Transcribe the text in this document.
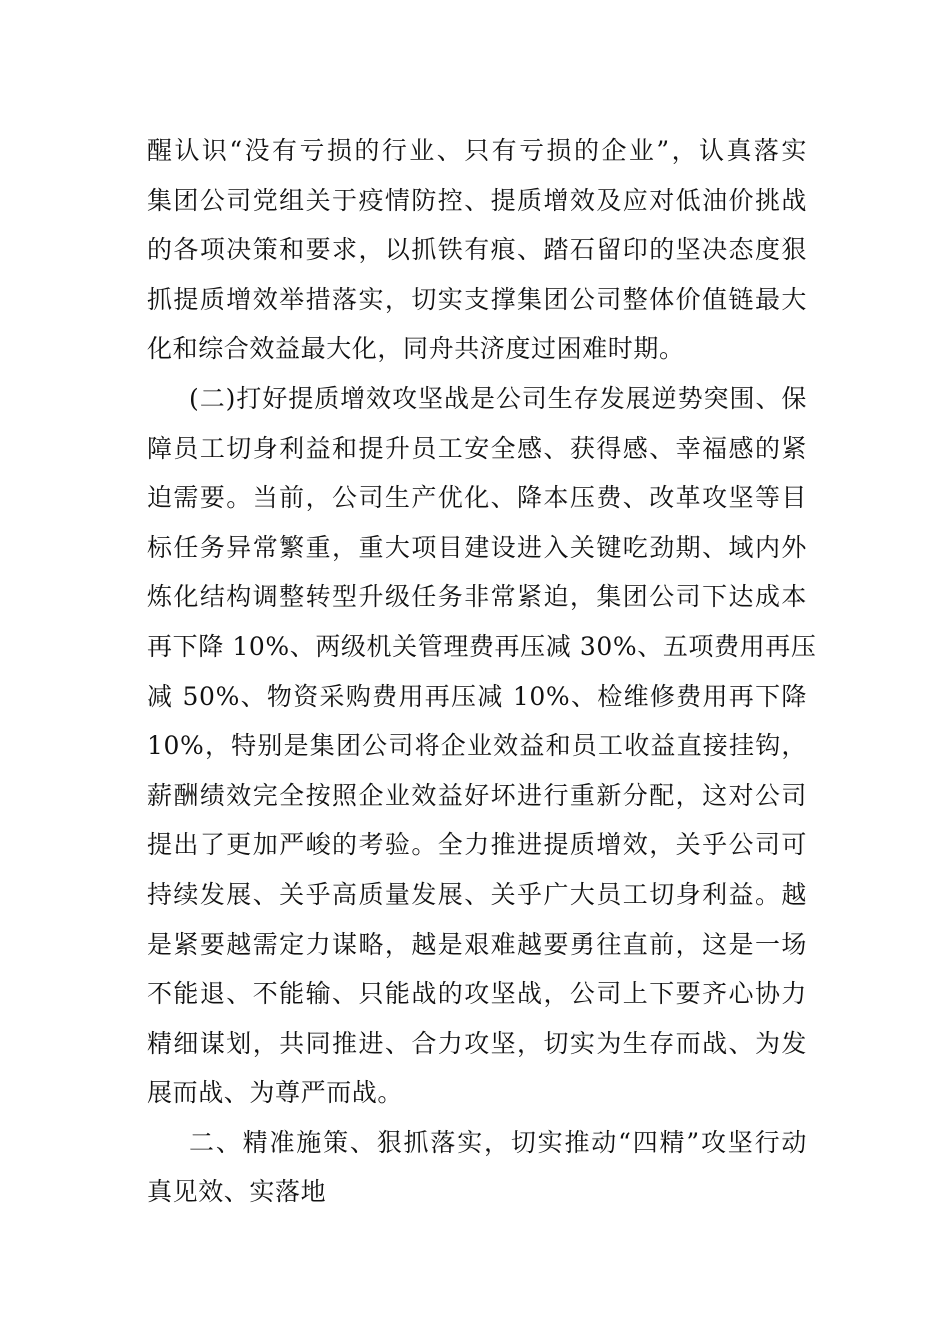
醒认识“没有亏损的行业、只有亏损的企业”，认真落实
集团公司党组关于疫情防控、提质增效及应对低油价挑战
的各项决策和要求，以抓铁有痕、踏石留印的坚决态度狠
抓提质增效举措落实，切实支撑集团公司整体价值链最大
化和综合效益最大化，同舟共济度过困难时期。
(二)打好提质增效攻坚战是公司生存发展逆势突围、保
障员工切身利益和提升员工安全感、获得感、幸福感的紧
迫需要。当前，公司生产优化、降本压费、改革攻坚等目
标任务异常繁重，重大项目建设进入关键吃劲期、域内外
炼化结构调整转型升级任务非常紧迫，集团公司下达成本
再下降 10%、两级机关管理费再压减 30%、五项费用再压
减 50%、物资采购费用再压减 10%、检维修费用再下降
10%，特别是集团公司将企业效益和员工收益直接挂钩，
薪酬绩效完全按照企业效益好坏进行重新分配，这对公司
提出了更加严峻的考验。全力推进提质增效，关乎公司可
持续发展、关乎高质量发展、关乎广大员工切身利益。越
是紧要越需定力谋略，越是艰难越要勇往直前，这是一场
不能退、不能输、只能战的攻坚战，公司上下要齐心协力
精细谋划，共同推进、合力攻坚，切实为生存而战、为发
展而战、为尊严而战。
二、精准施策、狠抓落实，切实推动“四精”攻坚行动
真见效、实落地
